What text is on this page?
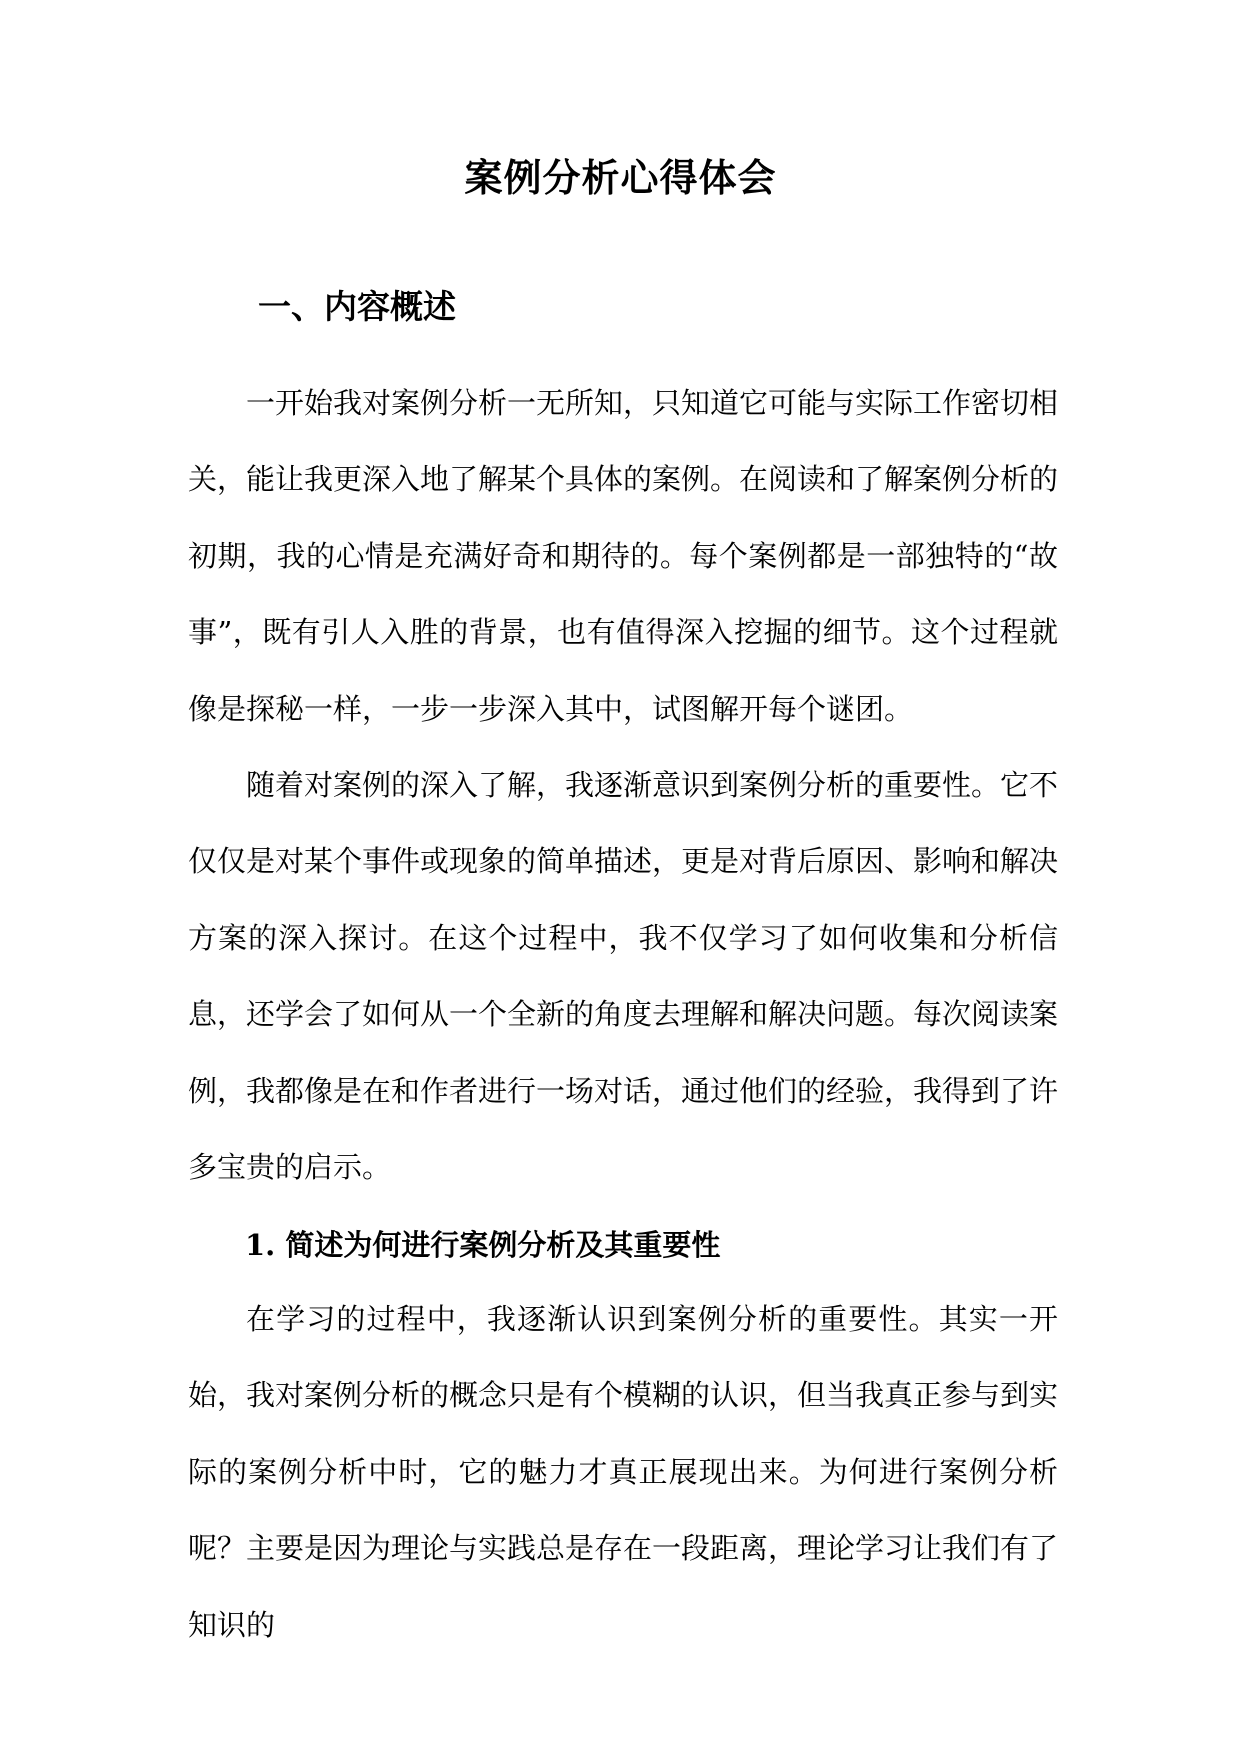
案例分析心得体会
一、内容概述

一开始我对案例分析一无所知，只知道它可能与实际工作密切相关，能让我更深入地了解某个具体的案例。在阅读和了解案例分析的初期，我的心情是充满好奇和期待的。每个案例都是一部独特的“故事”，既有引人入胜的背景，也有值得深入挖掘的细节。这个过程就像是探秘一样，一步一步深入其中，试图解开每个谜团。

随着对案例的深入了解，我逐渐意识到案例分析的重要性。它不仅仅是对某个事件或现象的简单描述，更是对背后原因、影响和解决方案的深入探讨。在这个过程中，我不仅学习了如何收集和分析信息，还学会了如何从一个全新的角度去理解和解决问题。每次阅读案例，我都像是在和作者进行一场对话，通过他们的经验，我得到了许多宝贵的启示。

1. 简述为何进行案例分析及其重要性

在学习的过程中，我逐渐认识到案例分析的重要性。其实一开始，我对案例分析的概念只是有个模糊的认识，但当我真正参与到实际的案例分析中时，它的魅力才真正展现出来。为何进行案例分析呢？主要是因为理论与实践总是存在一段距离，理论学习让我们有了知识的
